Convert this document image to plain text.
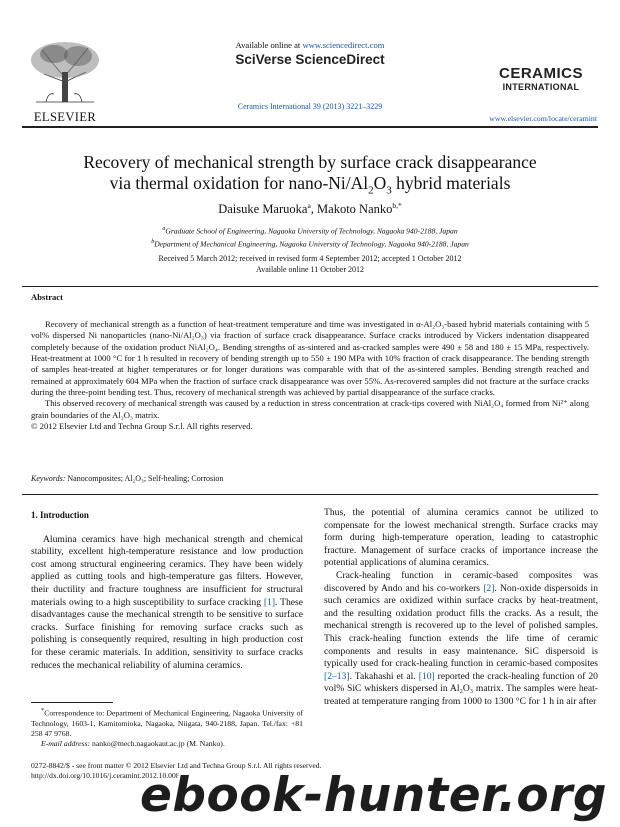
ELSEVIER
Available online at www.sciencedirect.com
SciVerse ScienceDirect
Ceramics International 39 (2013) 3221–3229
CERAMICS
INTERNATIONAL
www.elsevier.com/locate/ceramint
Recovery of mechanical strength by surface crack disappearance
via thermal oxidation for nano-$Ni/Al_2O_3$ hybrid materials
Daisuke Maruoka$^a$, Makoto Nanko$^{b,*}$
$^a$Graduate School of Engineering, Nagaoka University of Technology, Nagaoka 940-2188, Japan
$^b$Department of Mechanical Engineering, Nagaoka University of Technology, Nagaoka 940-2188, Japan
Received 5 March 2012; received in revised form 4 September 2012; accepted 1 October 2012
Available online 11 October 2012
Abstract
Recovery of mechanical strength as a function of heat-treatment temperature and time was investigated in α-Al₂O₃-based hybrid materials containing with 5 vol% dispersed Ni nanoparticles (nano-Ni/Al₂O₃) via fraction of surface crack disappearance. Surface cracks introduced by Vickers indentation disappeared completely because of the oxidation product NiAl₂O₄. Bending strengths of as-sintered and as-cracked samples were 490 ± 58 and 180 ± 15 MPa, respectively. Heat-treatment at 1000 °C for 1 h resulted in recovery of bending strength up to 550 ± 190 MPa with 10% fraction of crack disappearance. The bending strength of samples heat-treated at higher temperatures or for longer durations was comparable with that of the as-sintered samples. Bending strength reached and remained at approximately 604 MPa when the fraction of surface crack disappearance was over 55%. As-recovered samples did not fracture at the surface cracks during the three-point bending test. Thus, recovery of mechanical strength was achieved by partial disappearance of the surface cracks.
This observed recovery of mechanical strength was caused by a reduction in stress concentration at crack-tips covered with NiAl₂O₄ formed from Ni²⁺ along grain boundaries of the Al₂O₃ matrix.
© 2012 Elsevier Ltd and Techna Group S.r.l. All rights reserved.
Keywords: Nanocomposites; Al₂O₃; Self-healing; Corrosion
1. Introduction

Alumina ceramics have high mechanical strength and chemical stability, excellent high-temperature resistance and low production cost among structural engineering ceramics. They have been widely applied as cutting tools and high-temperature gas filters. However, their ductility and fracture toughness are insufficient for structural materials owing to a high susceptibility to surface cracking [1]. These disadvantages cause the mechanical strength to be sensitive to surface cracks. Surface finishing for removing surface cracks such as polishing is consequently required, resulting in high production cost for these ceramic materials. In addition, sensitivity to surface cracks reduces the mechanical reliability of alumina ceramics.

Thus, the potential of alumina ceramics cannot be utilized to compensate for the lowest mechanical strength. Surface cracks may form during high-temperature operation, leading to catastrophic fracture. Management of surface cracks of importance increase the potential applications of alumina ceramics.

Crack-healing function in ceramic-based composites was discovered by Ando and his co-workers [2]. Non-oxide dispersoids in such ceramics are oxidized within surface cracks by heat-treatment, and the resulting oxidation product fills the cracks. As a result, the mechanical strength is recovered up to the level of polished samples. This crack-healing function extends the life time of ceramic components and results in easy maintenance. SiC dispersoid is typically used for crack-healing function in ceramic-based composites [2–13]. Takahashi et al. [10] reported the crack-healing function of 20 vol% SiC whiskers dispersed in Al₂O₃ matrix. The samples were heat-treated at temperature ranging from 1000 to 1300 °C for 1 h in air after

*Correspondence to: Department of Mechanical Engineering, Nagaoka University of Technology, 1603-1, Kamitomioka, Nagaoka, Niigata, 940-2188, Japan. Tel./fax: +81 258 47 9768.
E-mail address: nanko@mech.nagaokaut.ac.jp (M. Nanko).
0272-8842/$ - see front matter © 2012 Elsevier Ltd and Techna Group S.r.l. All rights reserved.
http://dx.doi.org/10.1016/j.ceramint.2012.10.008
ebook-hunter.org
